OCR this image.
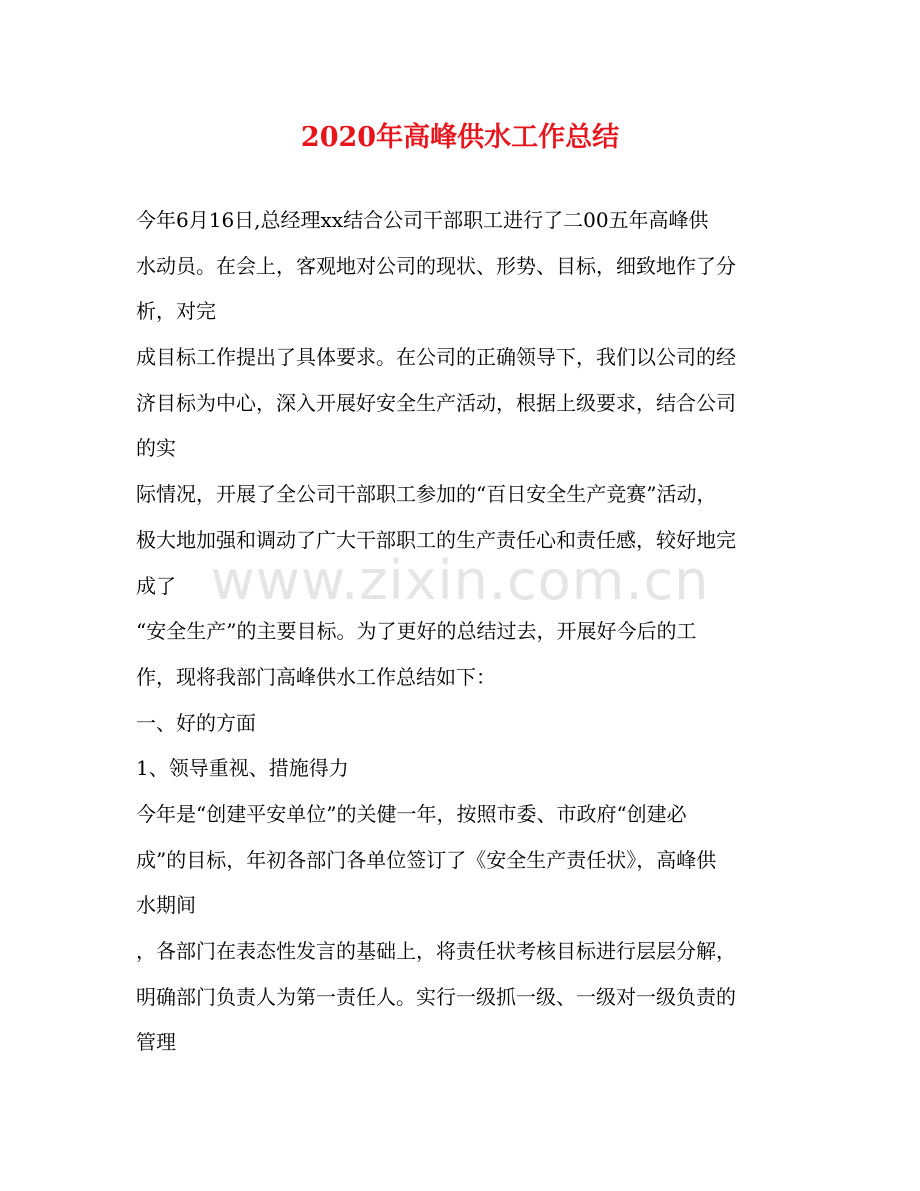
2020年高峰供水工作总结
今年6月16日,总经理xx结合公司干部职工进行了二00五年高峰供
水动员。在会上，客观地对公司的现状、形势、目标，细致地作了分
析，对完
成目标工作提出了具体要求。在公司的正确领导下，我们以公司的经
济目标为中心，深入开展好安全生产活动，根据上级要求，结合公司
的实
际情况，开展了全公司干部职工参加的“百日安全生产竞赛”活动，
极大地加强和调动了广大干部职工的生产责任心和责任感，较好地完
成了
“安全生产”的主要目标。为了更好的总结过去，开展好今后的工
作，现将我部门高峰供水工作总结如下：
一、好的方面
1、领导重视、措施得力
今年是“创建平安单位”的关健一年，按照市委、市政府“创建必
成”的目标，年初各部门各单位签订了《安全生产责任状》，高峰供
水期间
，各部门在表态性发言的基础上，将责任状考核目标进行层层分解，
明确部门负责人为第一责任人。实行一级抓一级、一级对一级负责的
管理
www.zixin.com.cn
